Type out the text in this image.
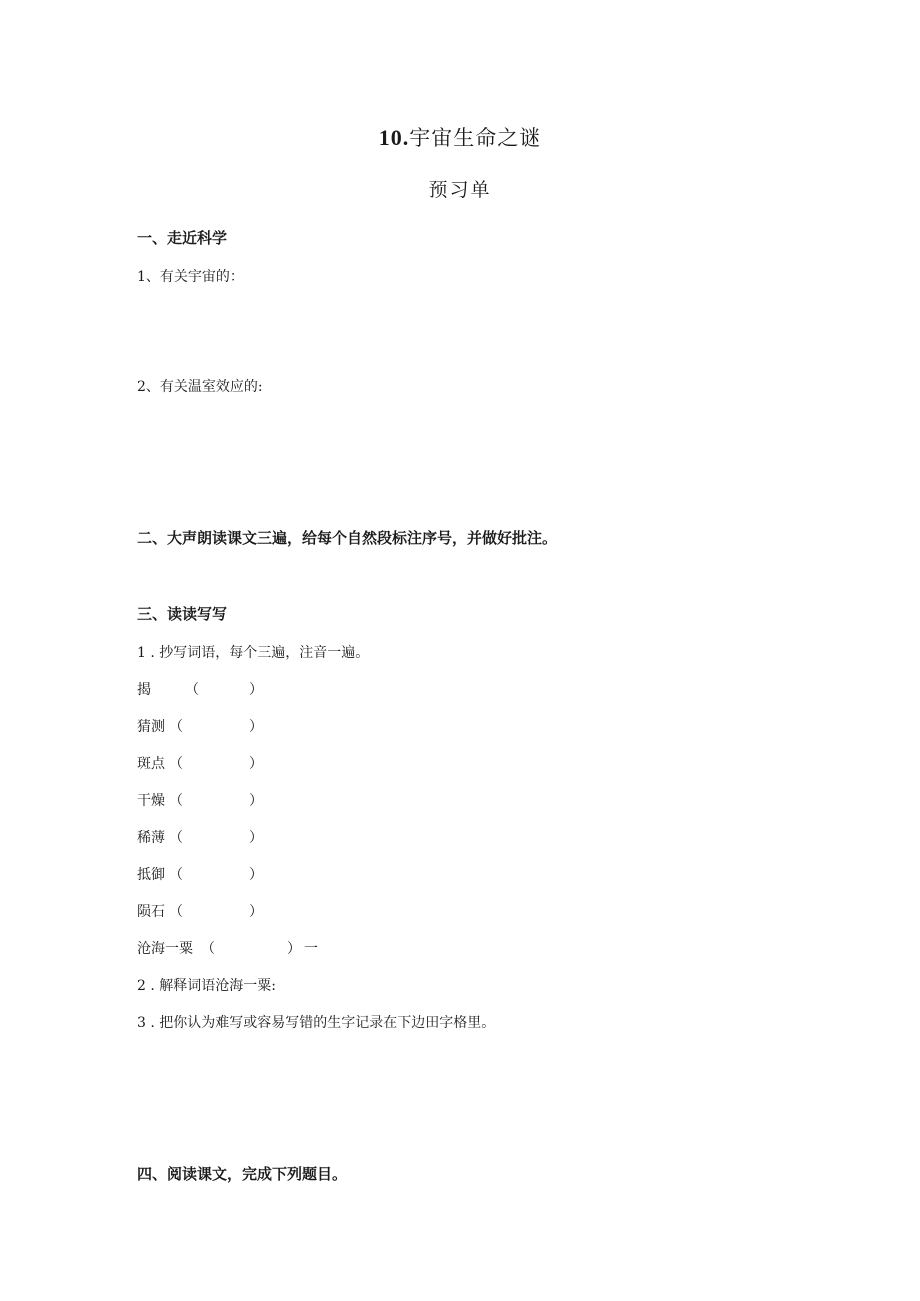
10.宇宙生命之谜
预习单
一、走近科学
1、有关宇宙的：
2、有关温室效应的:
二、大声朗读课文三遍，给每个自然段标注序号，并做好批注。
三、读读写写
1 . 抄写词语，每个三遍，注音一遍。
揭 （	）
猜测 （	）
斑点 （	）
干燥 （	）
稀薄 （	）
抵御 （	）
陨石 （	）
沧海一粟 （	） 一
2 . 解释词语沧海一粟:
3 . 把你认为难写或容易写错的生字记录在下边田字格里。
四、阅读课文，完成下列题目。
